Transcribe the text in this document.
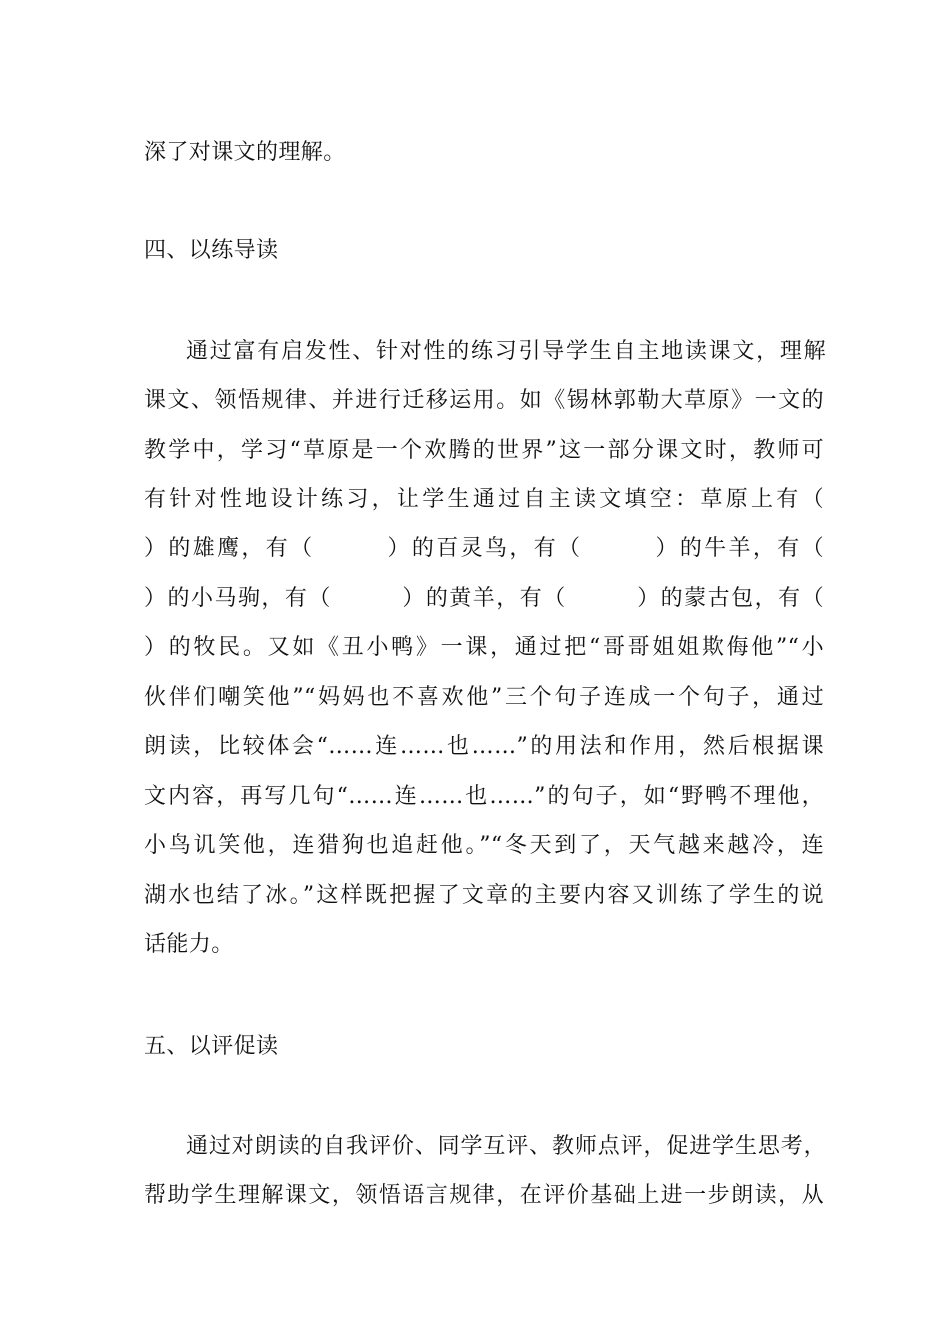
深了对课文的理解。
四、以练导读
通过富有启发性、针对性的练习引导学生自主地读课文，理解
课文、领悟规律、并进行迁移运用。如《锡林郭勒大草原》一文的
教学中，学习“草原是一个欢腾的世界”这一部分课文时，教师可
有针对性地设计练习，让学生通过自主读文填空：草原上有（
）的雄鹰，有（　　　）的百灵鸟，有（　　　）的牛羊，有（
）的小马驹，有（　　　）的黄羊，有（　　　）的蒙古包，有（
）的牧民。又如《丑小鸭》一课，通过把“哥哥姐姐欺侮他”“小
伙伴们嘲笑他”“妈妈也不喜欢他”三个句子连成一个句子，通过
朗读，比较体会“……连……也……”的用法和作用，然后根据课
文内容，再写几句“……连……也……”的句子，如“野鸭不理他，
小鸟讥笑他，连猎狗也追赶他。”“冬天到了，天气越来越冷，连
湖水也结了冰。”这样既把握了文章的主要内容又训练了学生的说
话能力。
五、以评促读
通过对朗读的自我评价、同学互评、教师点评，促进学生思考，
帮助学生理解课文，领悟语言规律，在评价基础上进一步朗读，从
